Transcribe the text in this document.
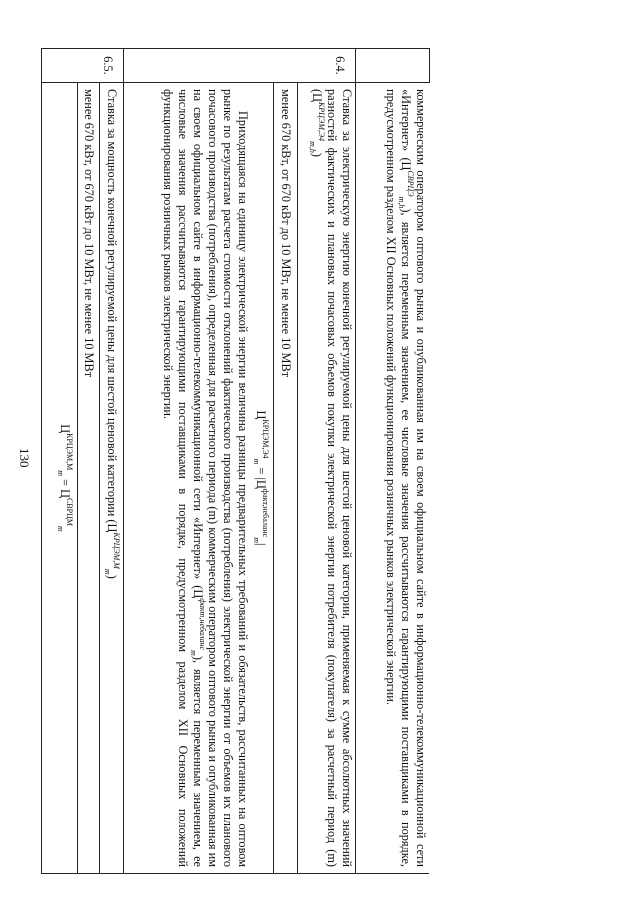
130

	коммерческим оператором оптового рынка и опубликованная им на своем официальном сайте в информационно-телекоммуникационной сети «Интернет» $(Ц^{СВРЦЭ}_{m,h})$, является переменным значением, ее числовые значения рассчитываются гарантирующими поставщиками в порядке, предусмотренном разделом XII Основных положений функционирования розничных рынков электрической энергии.

6.4.	Ставка за электрическую энергию конечной регулируемой цены для шестой ценовой категории, применяемая к сумме абсолютных значений разностей фактических и плановых почасовых объемов покупки электрической энергии потребителя (покупателя) за расчетный период (m) $(Ц^{КРЦЭМ,Э4}_{m,h})$

	менее 670 кВт, от 670 кВт до 10 МВт, не менее 10 МВт

	$Ц^{КРЦЭМ,Э4}_m = |Ц^{факт,небаланс}_m|$

Приходящаяся на единицу электрической энергии величина разницы предварительных требований и обязательств, рассчитанных на оптовом рынке по результатам расчета стоимости отклонений фактического производства (потребления) электрической энергии от объемов их планового почасового производства (потребления), определенная для расчетного периода (m) коммерческим оператором оптового рынка и опубликованная им на своем официальном сайте в информационно-телекоммуникационной сети «Интернет» $(Ц^{факт,небаланс}_m)$, является переменным значением, ее числовые значения рассчитываются гарантирующими поставщиками в порядке, предусмотренном разделом XII Основных положений функционирования розничных рынков электрической энергии.

6.5.	Ставка за мощность конечной регулируемой цены для шестой ценовой категории $(Ц^{КРЦЭМ,М}_m)$

	менее 670 кВт, от 670 кВт до 10 МВт, не менее 10 МВт

	$Ц^{КРЦЭМ,М}_m = Ц^{СВРЦМ}_m$
